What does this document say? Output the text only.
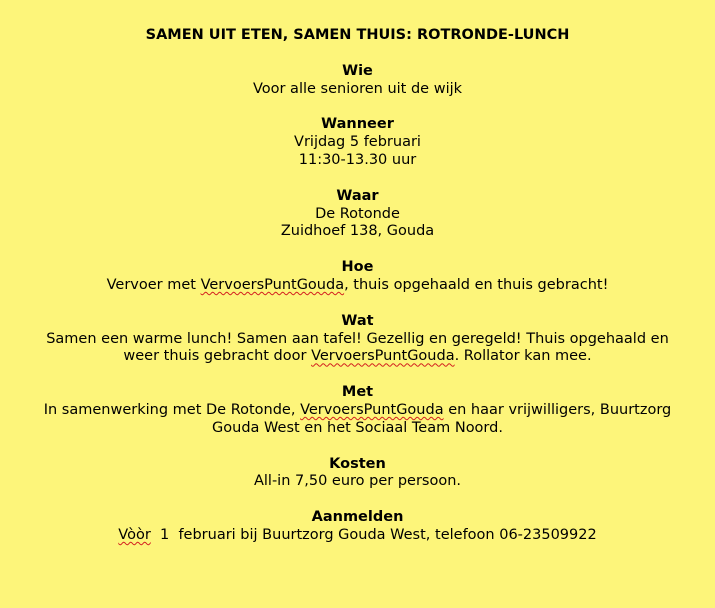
SAMEN UIT ETEN, SAMEN THUIS: ROTRONDE-LUNCH
Wie
Voor alle senioren uit de wijk
Wanneer
Vrijdag 5 februari
11:30-13.30 uur
Waar
De Rotonde
Zuidhoef 138, Gouda
Hoe
Vervoer met VervoersPuntGouda, thuis opgehaald en thuis gebracht!
Wat
Samen een warme lunch! Samen aan tafel! Gezellig en geregeld! Thuis opgehaald en
weer thuis gebracht door VervoersPuntGouda. Rollator kan mee.
Met
In samenwerking met De Rotonde, VervoersPuntGouda en haar vrijwilligers, Buurtzorg
Gouda West en het Sociaal Team Noord.
Kosten
All-in 7,50 euro per persoon.
Aanmelden
Vòòr  1  februari bij Buurtzorg Gouda West, telefoon 06-23509922
